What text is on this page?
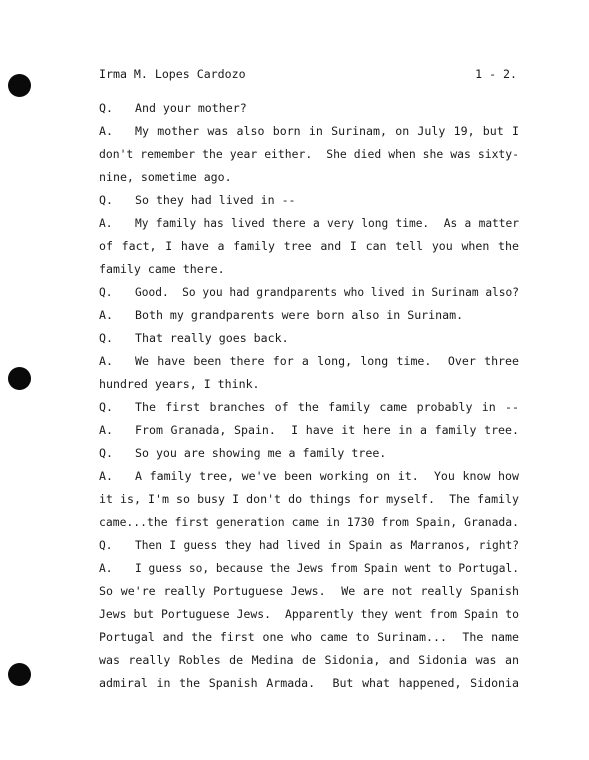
Irma M. Lopes Cardozo

	1 - 2.

Q. And your mother?
A. My mother was also born in Surinam, on July 19, but I
don't remember the year either.  She died when she was sixty-
nine, sometime ago.
Q. So they had lived in --
A. My family has lived there a very long time.  As a matter
of fact, I have a family tree and I can tell you when the
family came there.
Q. Good.  So you had grandparents who lived in Surinam also?
A. Both my grandparents were born also in Surinam.
Q. That really goes back.
A. We have been there for a long, long time.  Over three
hundred years, I think.
Q. The first branches of the family came probably in --
A. From Granada, Spain.  I have it here in a family tree.
Q. So you are showing me a family tree.
A. A family tree, we've been working on it.  You know how
it is, I'm so busy I don't do things for myself.  The family
came...the first generation came in 1730 from Spain, Granada.
Q. Then I guess they had lived in Spain as Marranos, right?
A. I guess so, because the Jews from Spain went to Portugal.
So we're really Portuguese Jews.  We are not really Spanish
Jews but Portuguese Jews.  Apparently they went from Spain to
Portugal and the first one who came to Surinam...  The name
was really Robles de Medina de Sidonia, and Sidonia was an
admiral in the Spanish Armada.  But what happened, Sidonia
